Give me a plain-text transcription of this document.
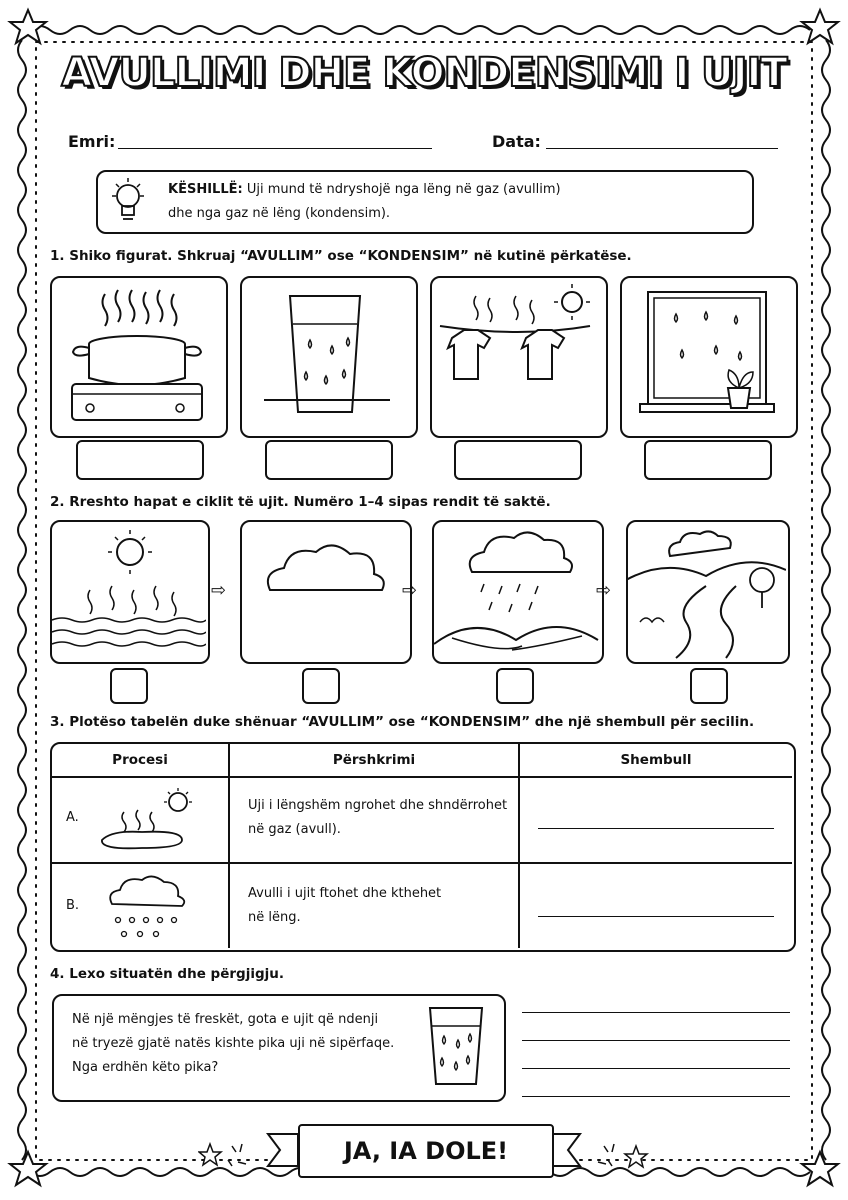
AVULLIMI DHE KONDENSIMI I UJIT
Emri:	Data:
KËSHILLË: Uji mund të ndryshojë nga lëng në gaz (avullim)
dhe nga gaz në lëng (kondensim).
1. Shiko figurat. Shkruaj “AVULLIM” ose “KONDENSIM” në kutinë përkatëse.
2. Rreshto hapat e ciklit të ujit. Numëro 1–4 sipas rendit të saktë.
⇨	⇨	⇨
3. Plotëso tabelën duke shënuar “AVULLIM” ose “KONDENSIM” dhe një shembull për secilin.
Procesi	Përshkrimi	Shembull
A.
Uji i lëngshëm ngrohet dhe shndërrohet
në gaz (avull).
B.
Avulli i ujit ftohet dhe kthehet
në lëng.
4. Lexo situatën dhe përgjigju.
Në një mëngjes të freskët, gota e ujit që ndenji
në tryezë gjatë natës kishte pika uji në sipërfaqe.
Nga erdhën këto pika?
JA, IA DOLE!
